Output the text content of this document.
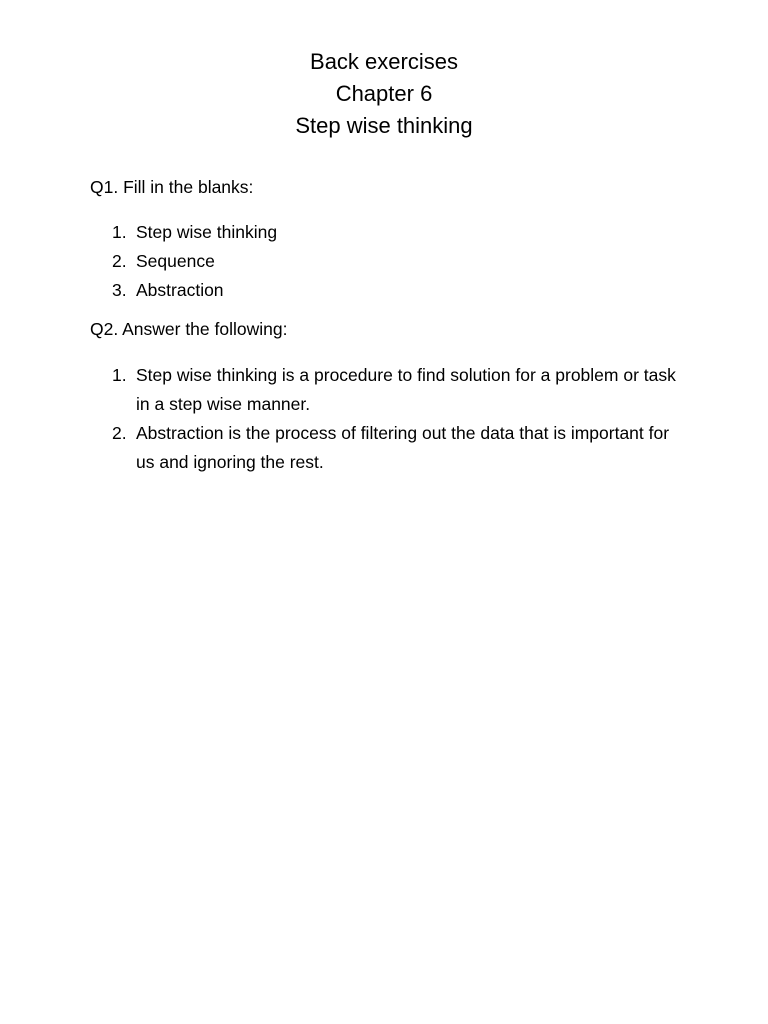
Back exercises
Chapter 6
Step wise thinking

Q1. Fill in the blanks:

1. Step wise thinking
2. Sequence
3. Abstraction

Q2. Answer the following:

1. Step wise thinking is a procedure to find solution for a problem or task in a step wise manner.
2. Abstraction is the process of filtering out the data that is important for us and ignoring the rest.
